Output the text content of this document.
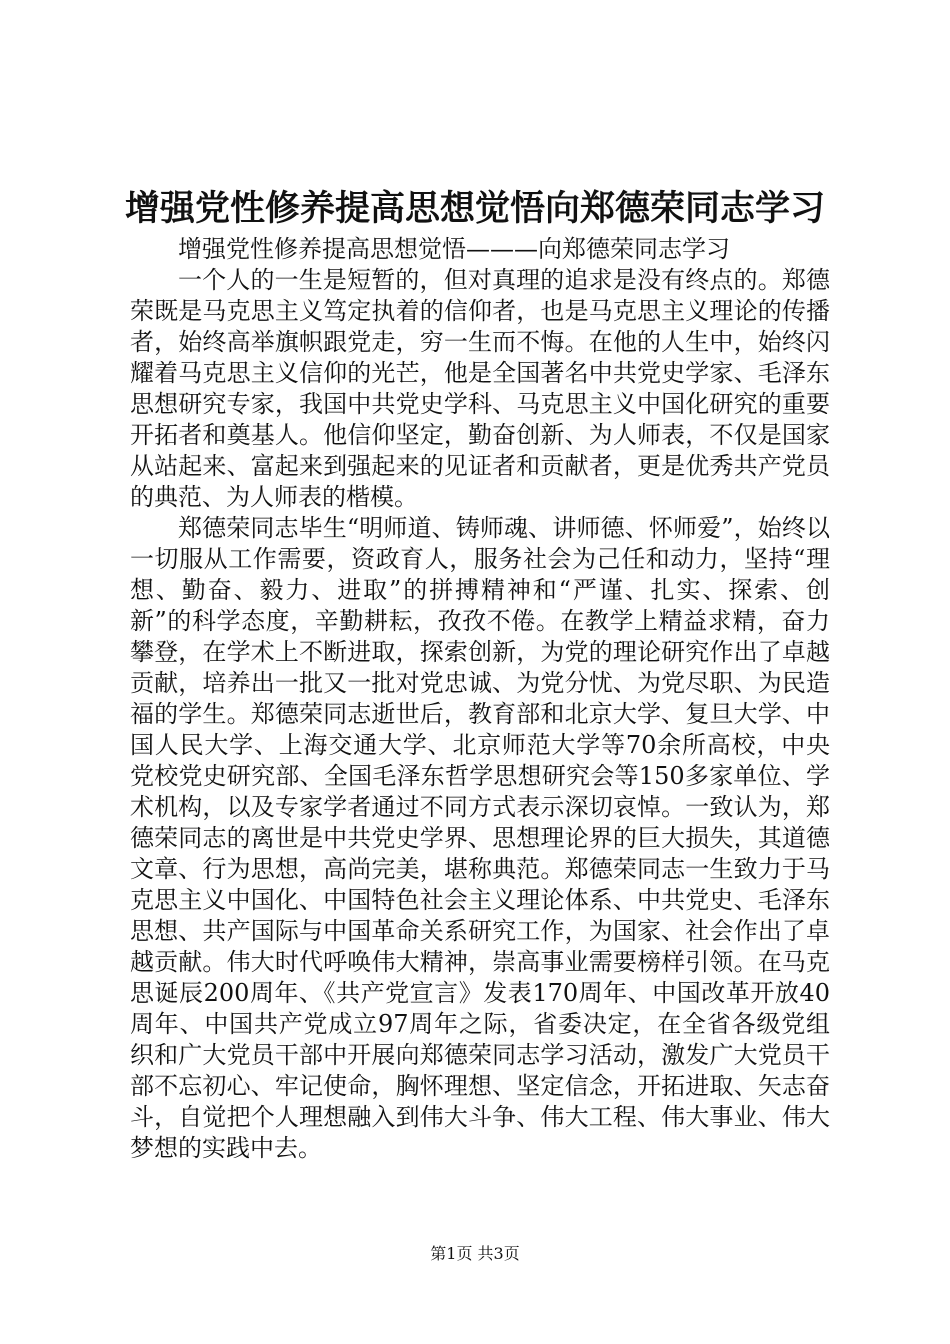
增强党性修养提高思想觉悟向郑德荣同志学习

增强党性修养提高思想觉悟———向郑德荣同志学习

一个人的一生是短暂的，但对真理的追求是没有终点的。郑德荣既是马克思主义笃定执着的信仰者，也是马克思主义理论的传播者，始终高举旗帜跟党走，穷一生而不悔。在他的人生中，始终闪耀着马克思主义信仰的光芒，他是全国著名中共党史学家、毛泽东思想研究专家，我国中共党史学科、马克思主义中国化研究的重要开拓者和奠基人。他信仰坚定，勤奋创新、为人师表，不仅是国家从站起来、富起来到强起来的见证者和贡献者，更是优秀共产党员的典范、为人师表的楷模。

郑德荣同志毕生“明师道、铸师魂、讲师德、怀师爱”，始终以一切服从工作需要，资政育人，服务社会为己任和动力，坚持“理想、勤奋、毅力、进取”的拼搏精神和“严谨、扎实、探索、创新”的科学态度，辛勤耕耘，孜孜不倦。在教学上精益求精，奋力攀登，在学术上不断进取，探索创新，为党的理论研究作出了卓越贡献，培养出一批又一批对党忠诚、为党分忧、为党尽职、为民造福的学生。郑德荣同志逝世后，教育部和北京大学、复旦大学、中国人民大学、上海交通大学、北京师范大学等70余所高校，中央党校党史研究部、全国毛泽东哲学思想研究会等150多家单位、学术机构，以及专家学者通过不同方式表示深切哀悼。一致认为，郑德荣同志的离世是中共党史学界、思想理论界的巨大损失，其道德文章、行为思想，高尚完美，堪称典范。郑德荣同志一生致力于马克思主义中国化、中国特色社会主义理论体系、中共党史、毛泽东思想、共产国际与中国革命关系研究工作，为国家、社会作出了卓越贡献。伟大时代呼唤伟大精神，崇高事业需要榜样引领。在马克思诞辰200周年、《共产党宣言》发表170周年、中国改革开放40周年、中国共产党成立97周年之际，省委决定，在全省各级党组织和广大党员干部中开展向郑德荣同志学习活动，激发广大党员干部不忘初心、牢记使命，胸怀理想、坚定信念，开拓进取、矢志奋斗，自觉把个人理想融入到伟大斗争、伟大工程、伟大事业、伟大梦想的实践中去。

第1页 共3页
